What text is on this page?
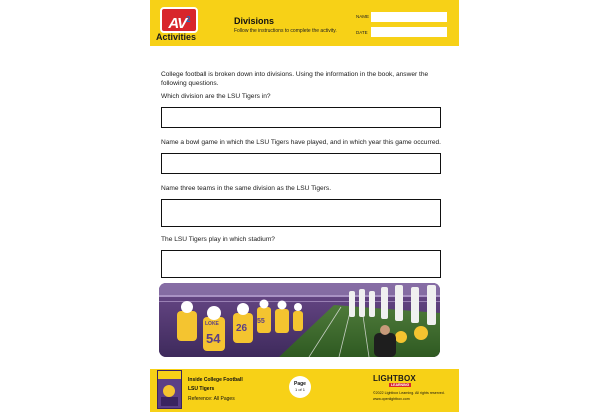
$AV^2$
Activities
Divisions
Follow the instructions to complete the activity.
NAME
DATE

College football is broken down into divisions. Using the information in the book, answer the following questions.

Which division are the LSU Tigers in?

Name a bowl game in which the LSU Tigers have played, and in which year this game occurred.

Name three teams in the same division as the LSU Tigers.

The LSU Tigers play in which stadium?

LOKE
54
26
55
Inside College Football
LSU Tigers
Reference: All Pages
Page
1 of 1
LIGHTBOX
LEARNING
©2022 Lightbox Learning. All rights reserved.
www.openlightbox.com
